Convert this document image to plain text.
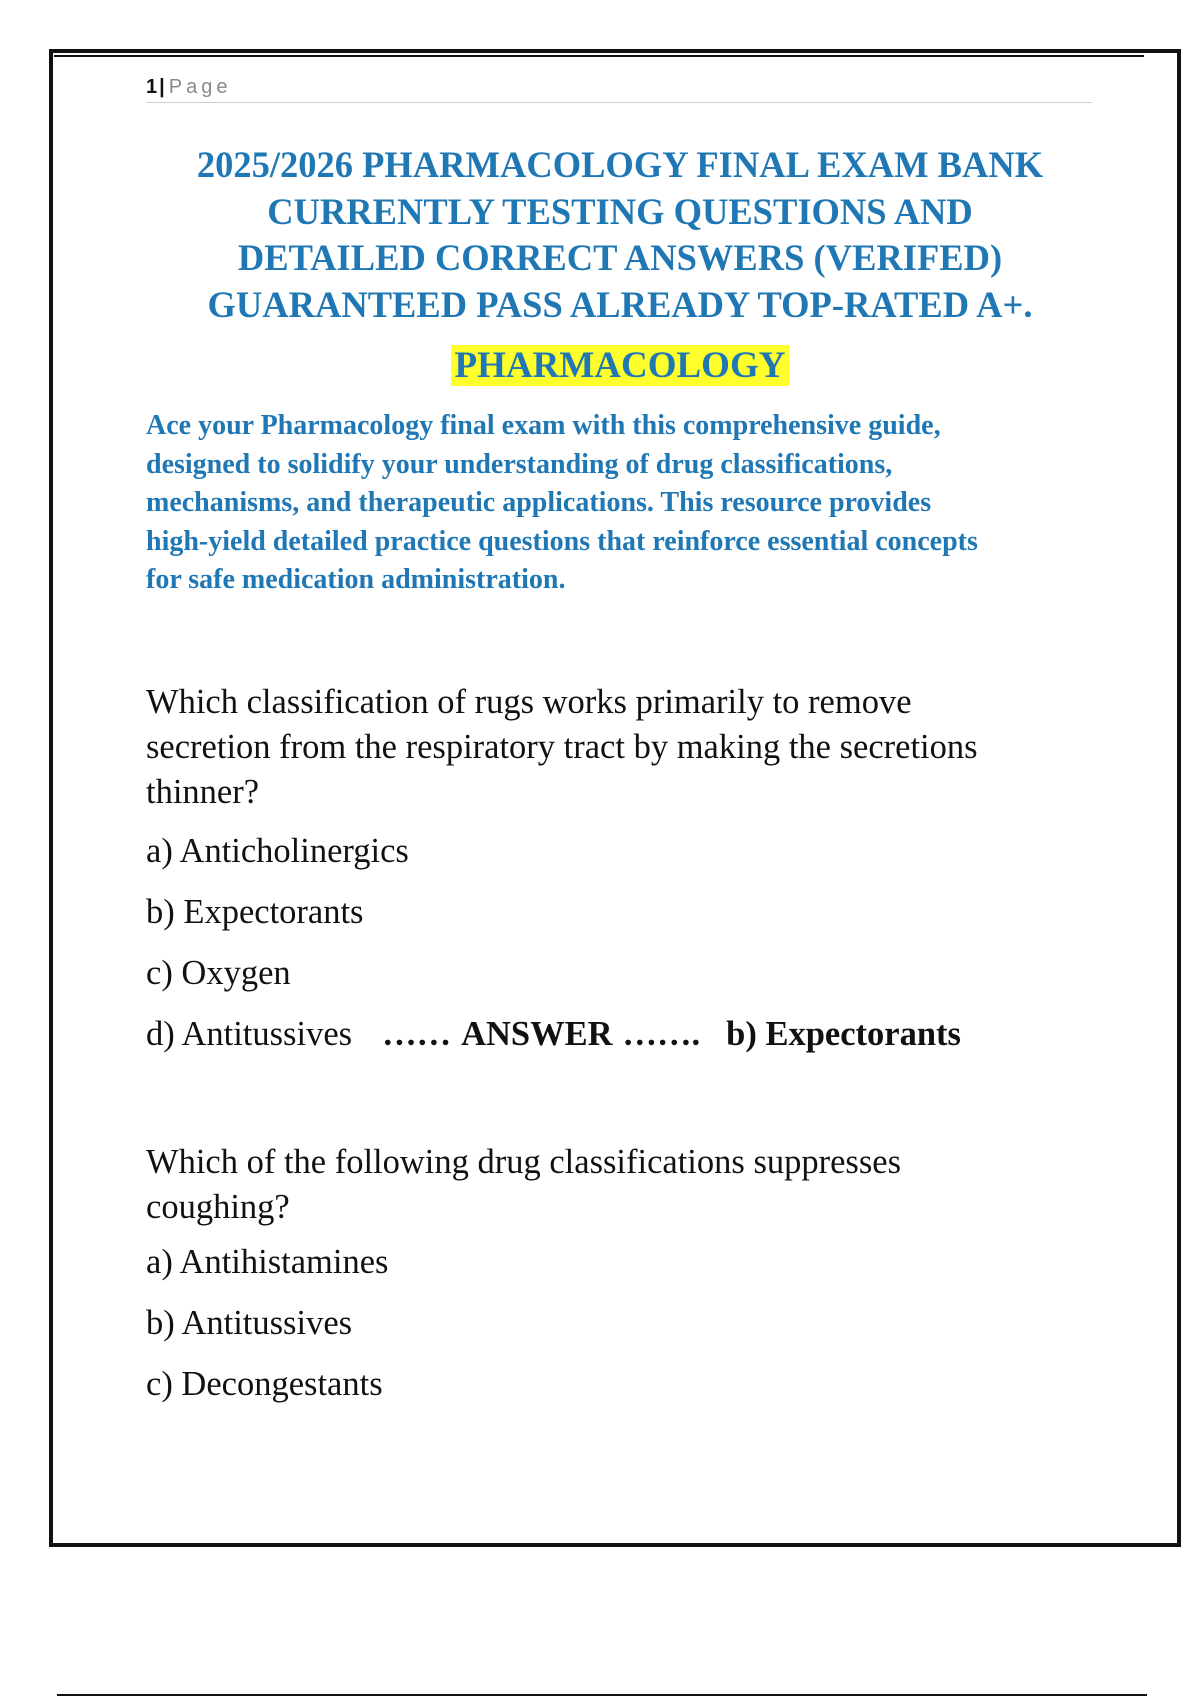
1 | Page
2025/2026 PHARMACOLOGY FINAL EXAM BANK
CURRENTLY TESTING QUESTIONS AND
DETAILED CORRECT ANSWERS (VERIFED)
GUARANTEED PASS ALREADY TOP-RATED A+.
PHARMACOLOGY
Ace your Pharmacology final exam with this comprehensive guide,
designed to solidify your understanding of drug classifications,
mechanisms, and therapeutic applications. This resource provides
high-yield detailed practice questions that reinforce essential concepts
for safe medication administration.
Which classification of rugs works primarily to remove
secretion from the respiratory tract by making the secretions
thinner?
a) Anticholinergics
b) Expectorants
c) Oxygen
d) Antitussives …… ANSWER ……. b) Expectorants
Which of the following drug classifications suppresses
coughing?
a) Antihistamines
b) Antitussives
c) Decongestants
